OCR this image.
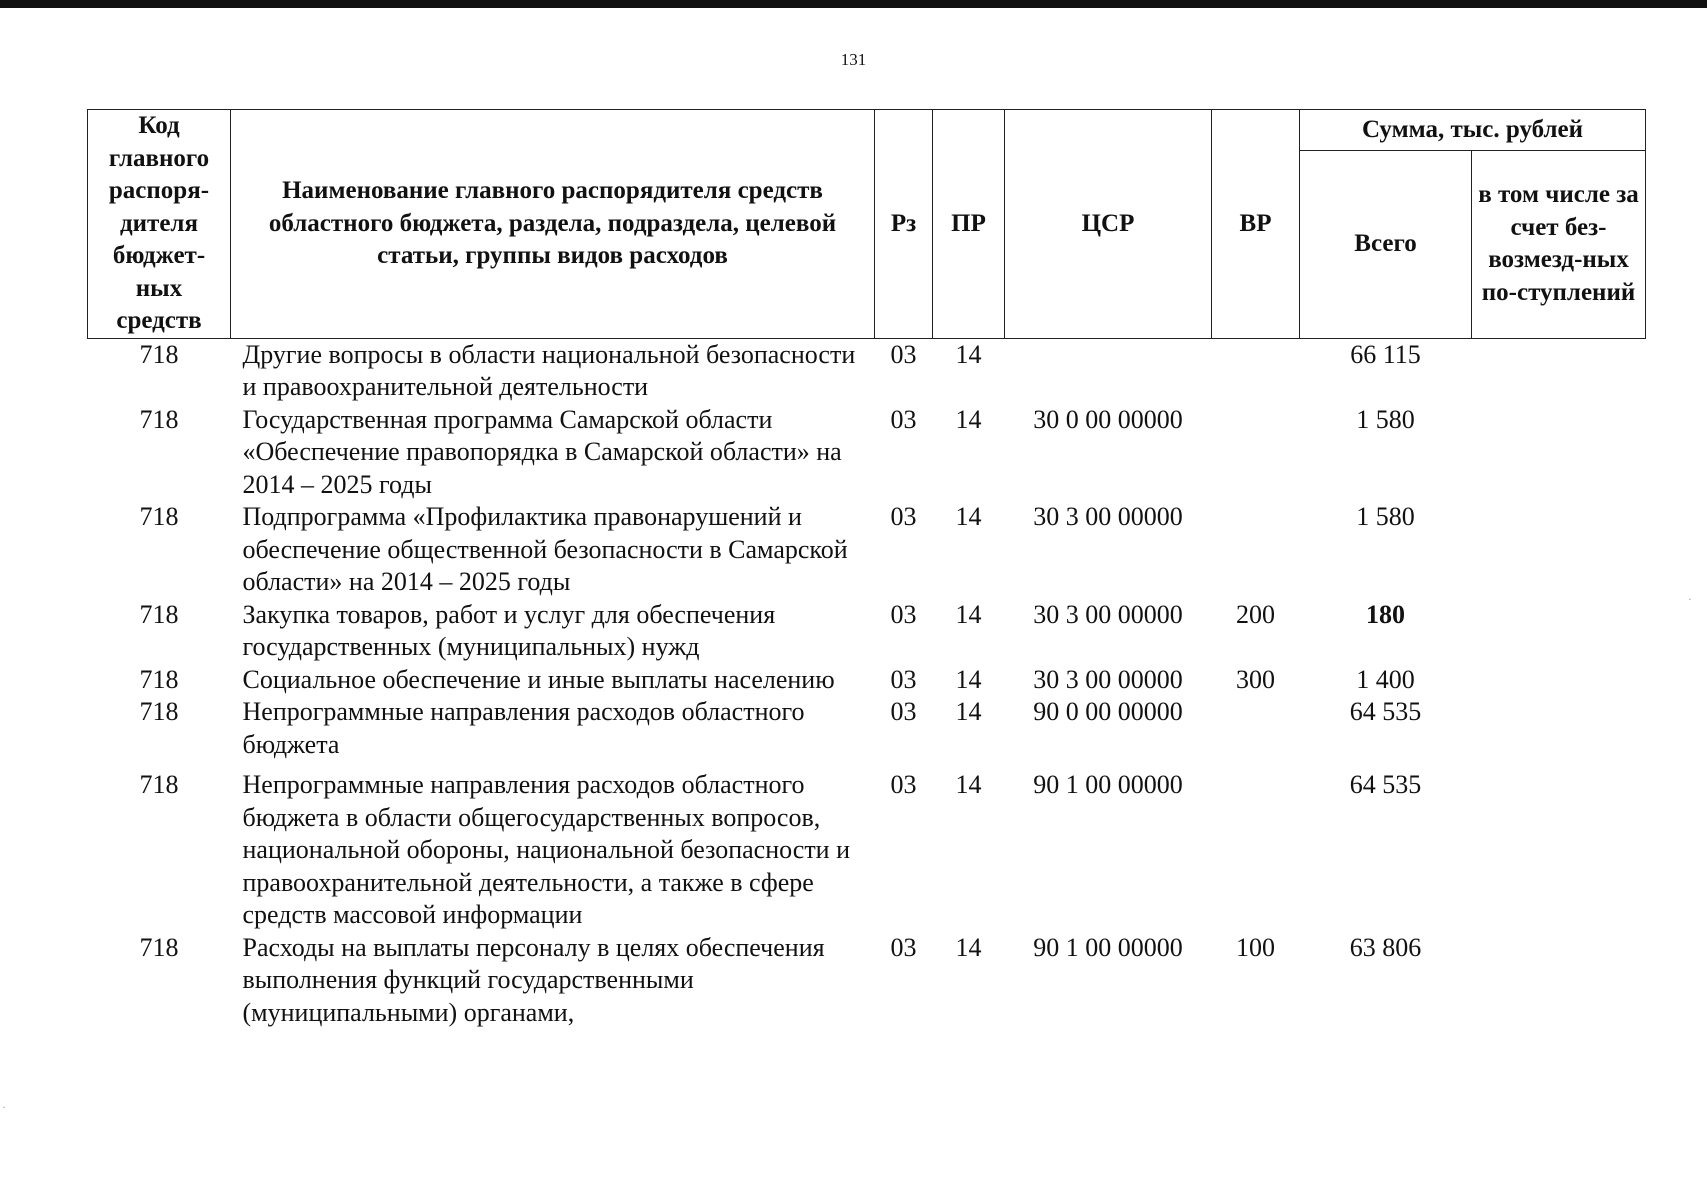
131
Код главного распоря-дителя бюджет-ных средств	Наименование главного распорядителя средств областного бюджета, раздела, подраздела, целевой статьи, группы видов расходов	Рз	ПР	ЦСР	ВР	Сумма, тыс. рублей	
						Всего	в том числе за счет без-возмезд-ных по-ступлений
718	Другие вопросы в области национальной безопасности и правоохранительной деятельности	03	14			66 115	
718	Государственная программа Самарской области «Обеспечение правопорядка в Самарской области» на 2014 – 2025 годы	03	14	30 0 00 00000		1 580	
718	Подпрограмма «Профилактика правонарушений и обеспечение общественной безопасности в Самарской области» на 2014 – 2025 годы	03	14	30 3 00 00000		1 580	
718	Закупка товаров, работ и услуг для обеспечения государственных (муниципальных) нужд	03	14	30 3 00 00000	200	180	
718	Социальное обеспечение и иные выплаты населению	03	14	30 3 00 00000	300	1 400	
718	Непрограммные направления расходов областного бюджета	03	14	90 0 00 00000		64 535	
718	Непрограммные направления расходов областного бюджета в области общегосударственных вопросов, национальной обороны, национальной безопасности и правоохранительной деятельности, а также в сфере средств массовой информации	03	14	90 1 00 00000		64 535	
718	Расходы на выплаты персоналу в целях обеспечения выполнения функций государственными (муниципальными) органами,	03	14	90 1 00 00000	100	63 806	
·
·
